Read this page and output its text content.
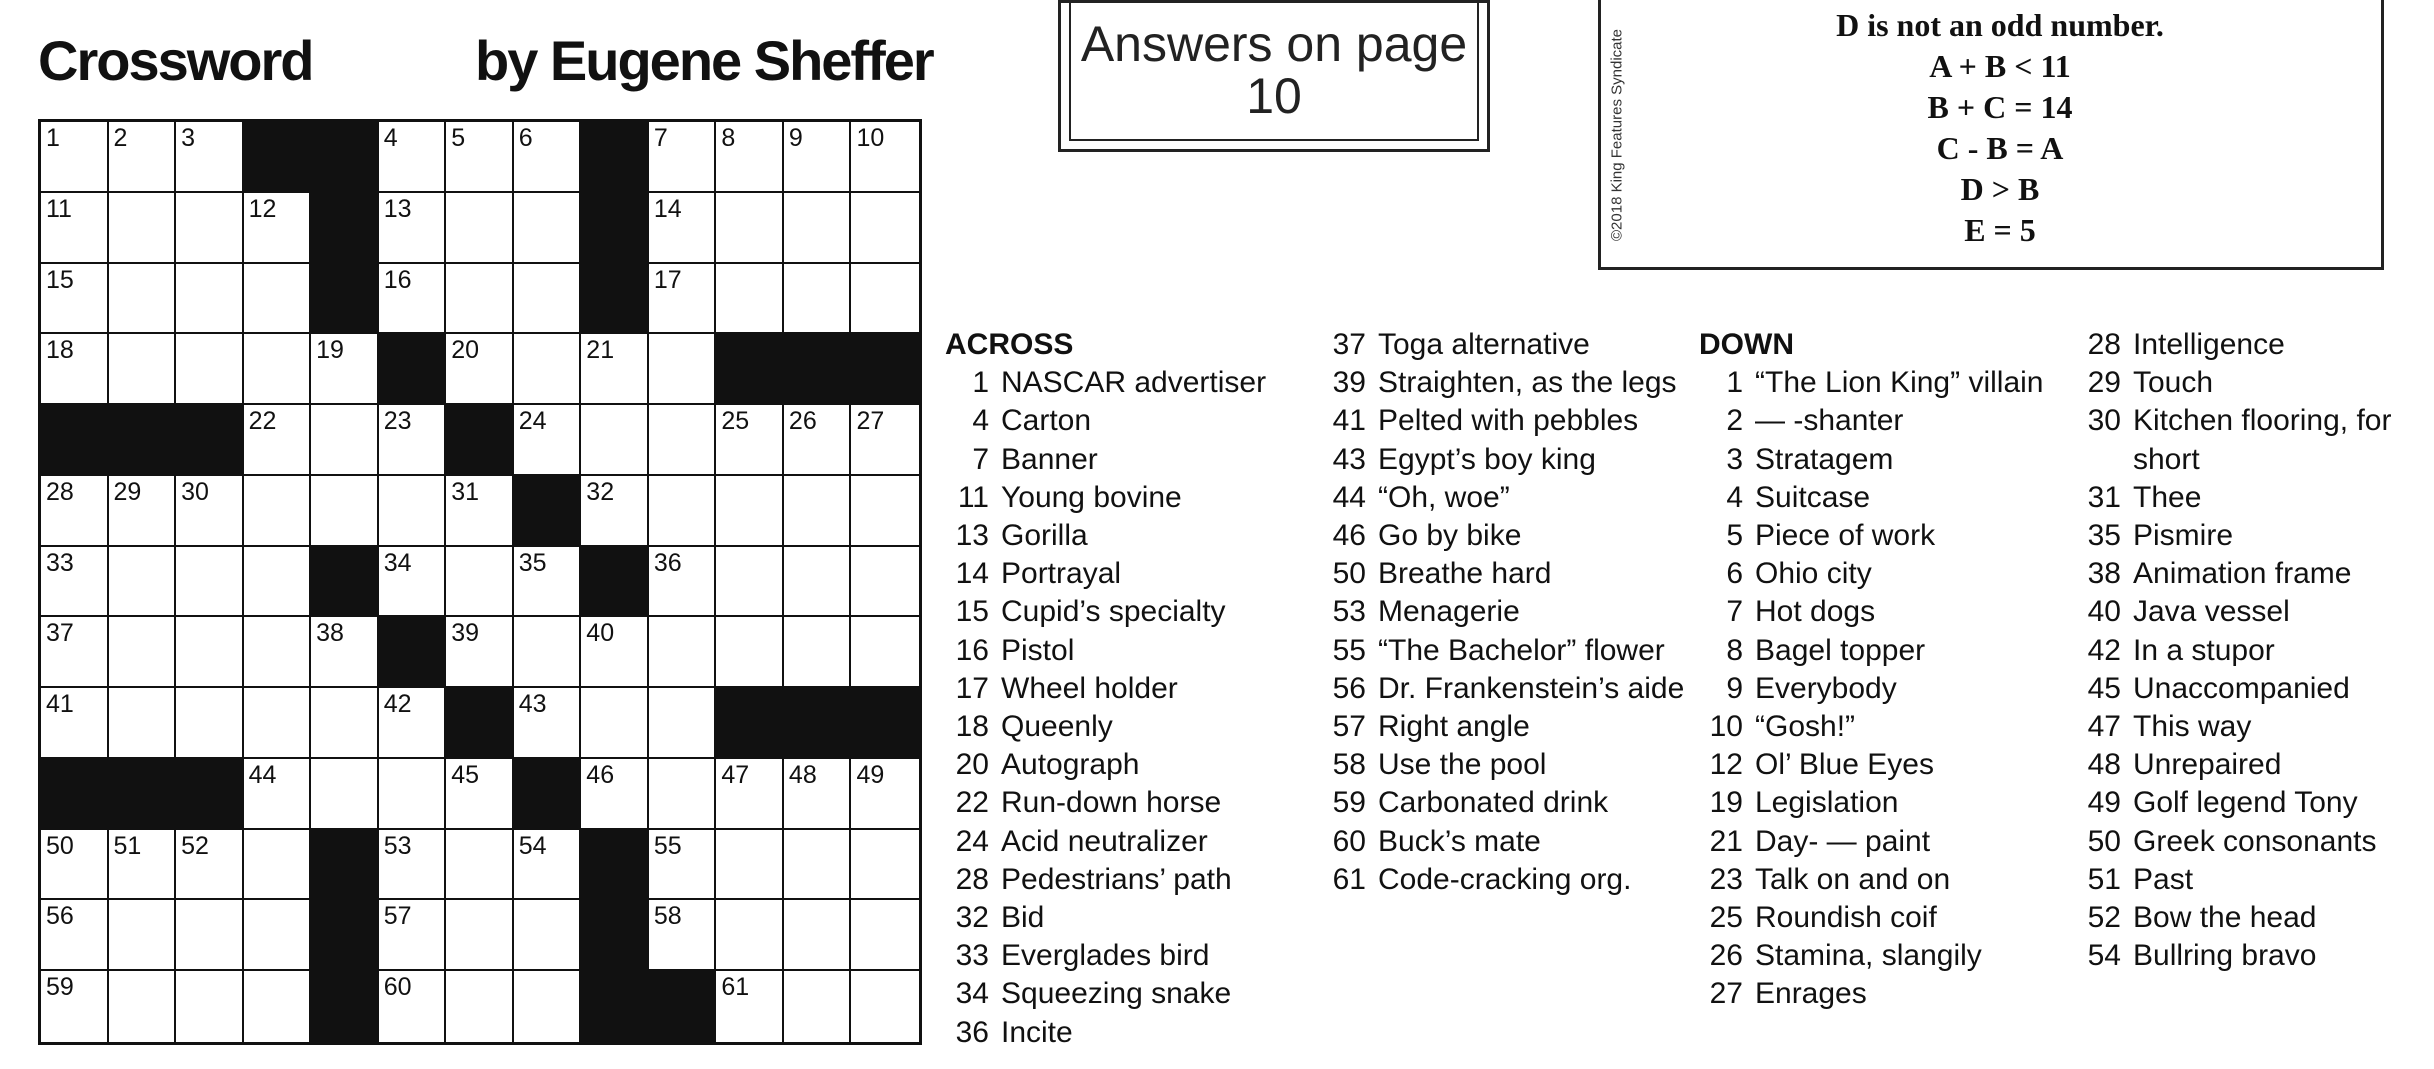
Crossword	by Eugene Sheffer	Answers on page 10	©2018 King Features Syndicate
D is not an odd number.
A + B < 11
B + C = 14
C - B = A
D > B
E = 5
1 2 3	4 5 6	7 8 9 10
11	12	13	14
15	16	17
18	19	20	21
22	23	24	25 26 27
28 29 30	31	32
33	34	35	36
37	38	39	40
41	42	43
44	45	46	47 48 49
50 51 52	53	54	55
56	57	58
59	60	61
ACROSS
1 NASCAR advertiser
4 Carton
7 Banner
11 Young bovine
13 Gorilla
14 Portrayal
15 Cupid’s specialty
16 Pistol
17 Wheel holder
18 Queenly
20 Autograph
22 Run-down horse
24 Acid neutralizer
28 Pedestrians’ path
32 Bid
33 Everglades bird
34 Squeezing snake
36 Incite
37 Toga alternative
39 Straighten, as the legs
41 Pelted with pebbles
43 Egypt’s boy king
44 “Oh, woe”
46 Go by bike
50 Breathe hard
53 Menagerie
55 “The Bachelor” flower
56 Dr. Frankenstein’s aide
57 Right angle
58 Use the pool
59 Carbonated drink
60 Buck’s mate
61 Code-cracking org.
DOWN
1 “The Lion King” villain
2 — -shanter
3 Stratagem
4 Suitcase
5 Piece of work
6 Ohio city
7 Hot dogs
8 Bagel topper
9 Everybody
10 “Gosh!”
12 Ol’ Blue Eyes
19 Legislation
21 Day- — paint
23 Talk on and on
25 Roundish coif
26 Stamina, slangily
27 Enrages
28 Intelligence
29 Touch
30 Kitchen flooring, for short
31 Thee
35 Pismire
38 Animation frame
40 Java vessel
42 In a stupor
45 Unaccompanied
47 This way
48 Unrepaired
49 Golf legend Tony
50 Greek consonants
51 Past
52 Bow the head
54 Bullring bravo
